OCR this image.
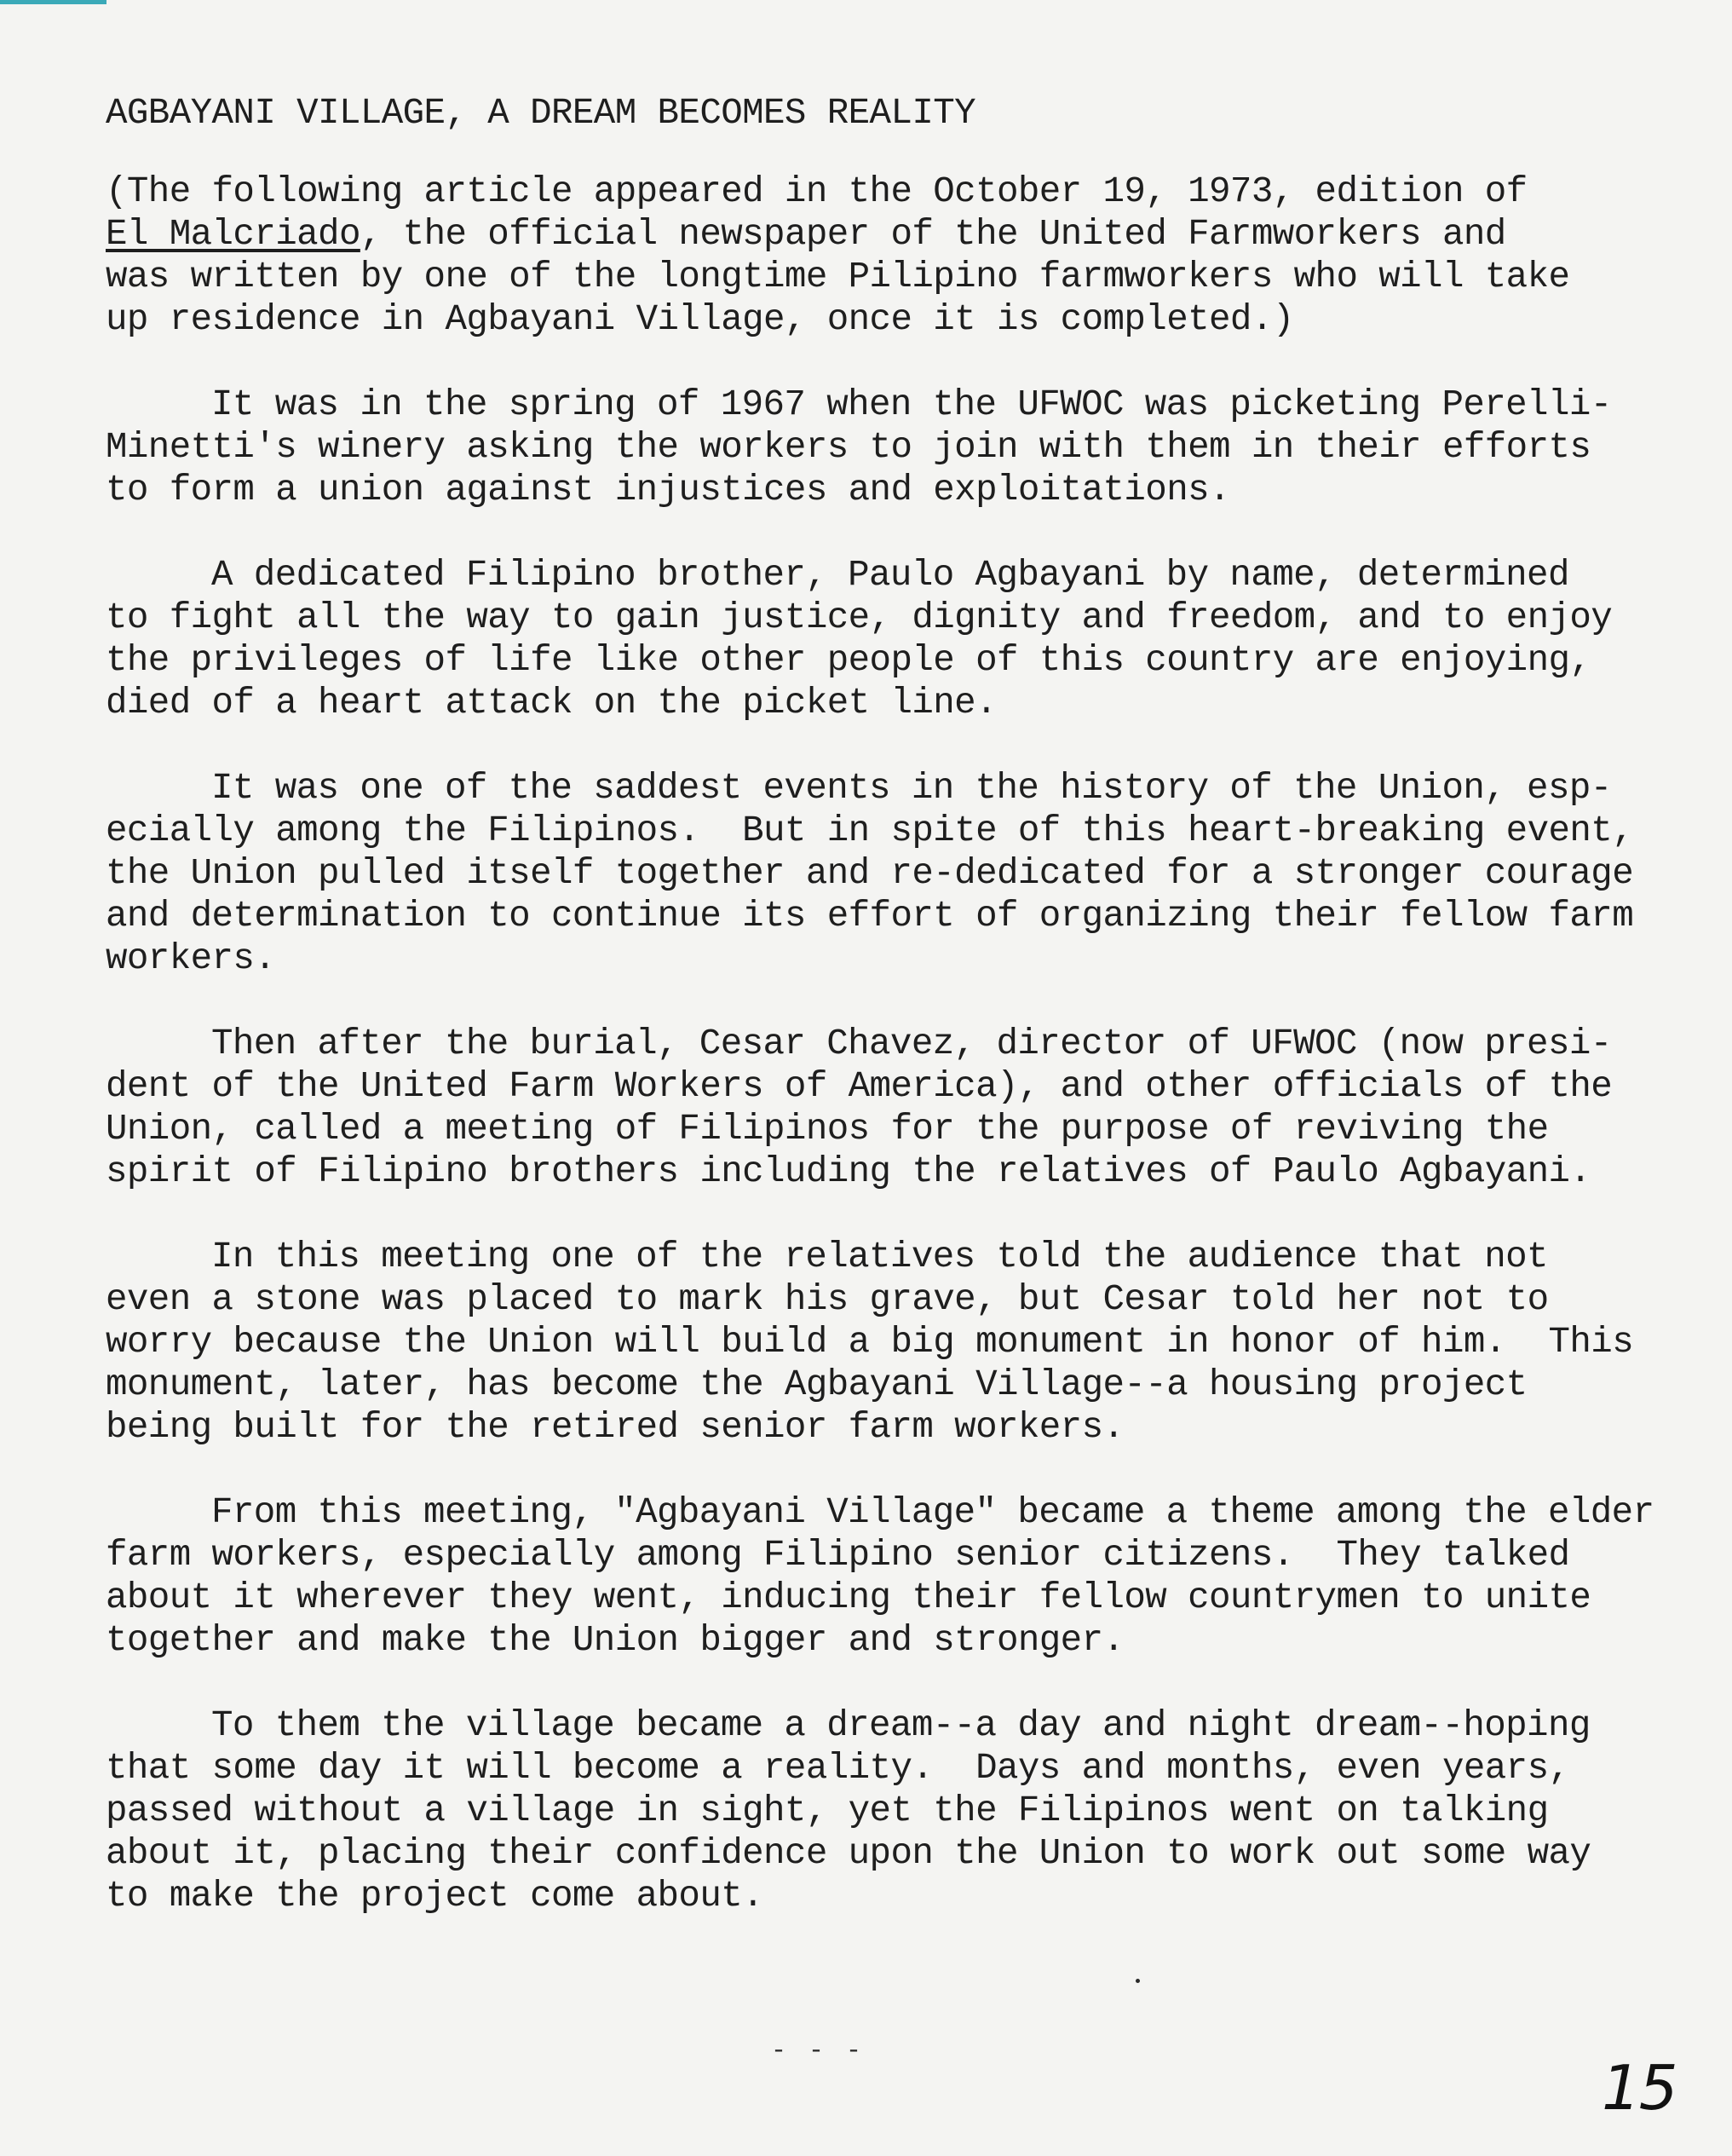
AGBAYANI VILLAGE, A DREAM BECOMES REALITY
(The following article appeared in the October 19, 1973, edition of
El Malcriado, the official newspaper of the United Farmworkers and
was written by one of the longtime Pilipino farmworkers who will take
up residence in Agbayani Village, once it is completed.)
It was in the spring of 1967 when the UFWOC was picketing Perelli-
Minetti's winery asking the workers to join with them in their efforts
to form a union against injustices and exploitations.
A dedicated Filipino brother, Paulo Agbayani by name, determined
to fight all the way to gain justice, dignity and freedom, and to enjoy
the privileges of life like other people of this country are enjoying,
died of a heart attack on the picket line.
It was one of the saddest events in the history of the Union, esp-
ecially among the Filipinos.  But in spite of this heart-breaking event,
the Union pulled itself together and re-dedicated for a stronger courage
and determination to continue its effort of organizing their fellow farm
workers.
Then after the burial, Cesar Chavez, director of UFWOC (now presi-
dent of the United Farm Workers of America), and other officials of the
Union, called a meeting of Filipinos for the purpose of reviving the
spirit of Filipino brothers including the relatives of Paulo Agbayani.
In this meeting one of the relatives told the audience that not
even a stone was placed to mark his grave, but Cesar told her not to
worry because the Union will build a big monument in honor of him.  This
monument, later, has become the Agbayani Village--a housing project
being built for the retired senior farm workers.
From this meeting, "Agbayani Village" became a theme among the elder
farm workers, especially among Filipino senior citizens.  They talked
about it wherever they went, inducing their fellow countrymen to unite
together and make the Union bigger and stronger.
To them the village became a dream--a day and night dream--hoping
that some day it will become a reality.  Days and months, even years,
passed without a village in sight, yet the Filipinos went on talking
about it, placing their confidence upon the Union to work out some way
to make the project come about.
- - -
15
